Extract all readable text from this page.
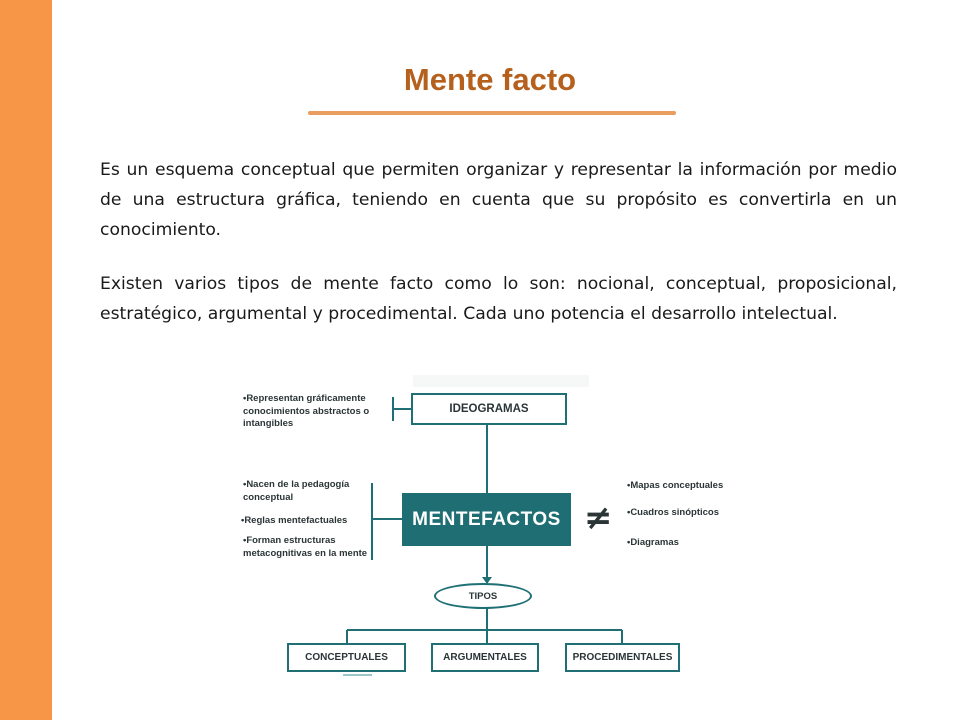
Mente facto

Es un esquema conceptual que permiten organizar y representar la información por medio de una estructura gráfica, teniendo en cuenta que su propósito es convertirla en un conocimiento.

Existen varios tipos de mente facto como lo son: nocional, conceptual, proposicional, estratégico, argumental y procedimental. Cada uno potencia el desarrollo intelectual.

IDEOGRAMAS
MENTEFACTOS
TIPOS
CONCEPTUALES	ARGUMENTALES	PROCEDIMENTALES
≠
•Representan gráficamente conocimientos abstractos o intangibles
•Nacen de la pedagogía conceptual
•Reglas mentefactuales
•Forman estructuras metacognitivas en la mente
•Mapas conceptuales
•Cuadros sinópticos
•Diagramas
